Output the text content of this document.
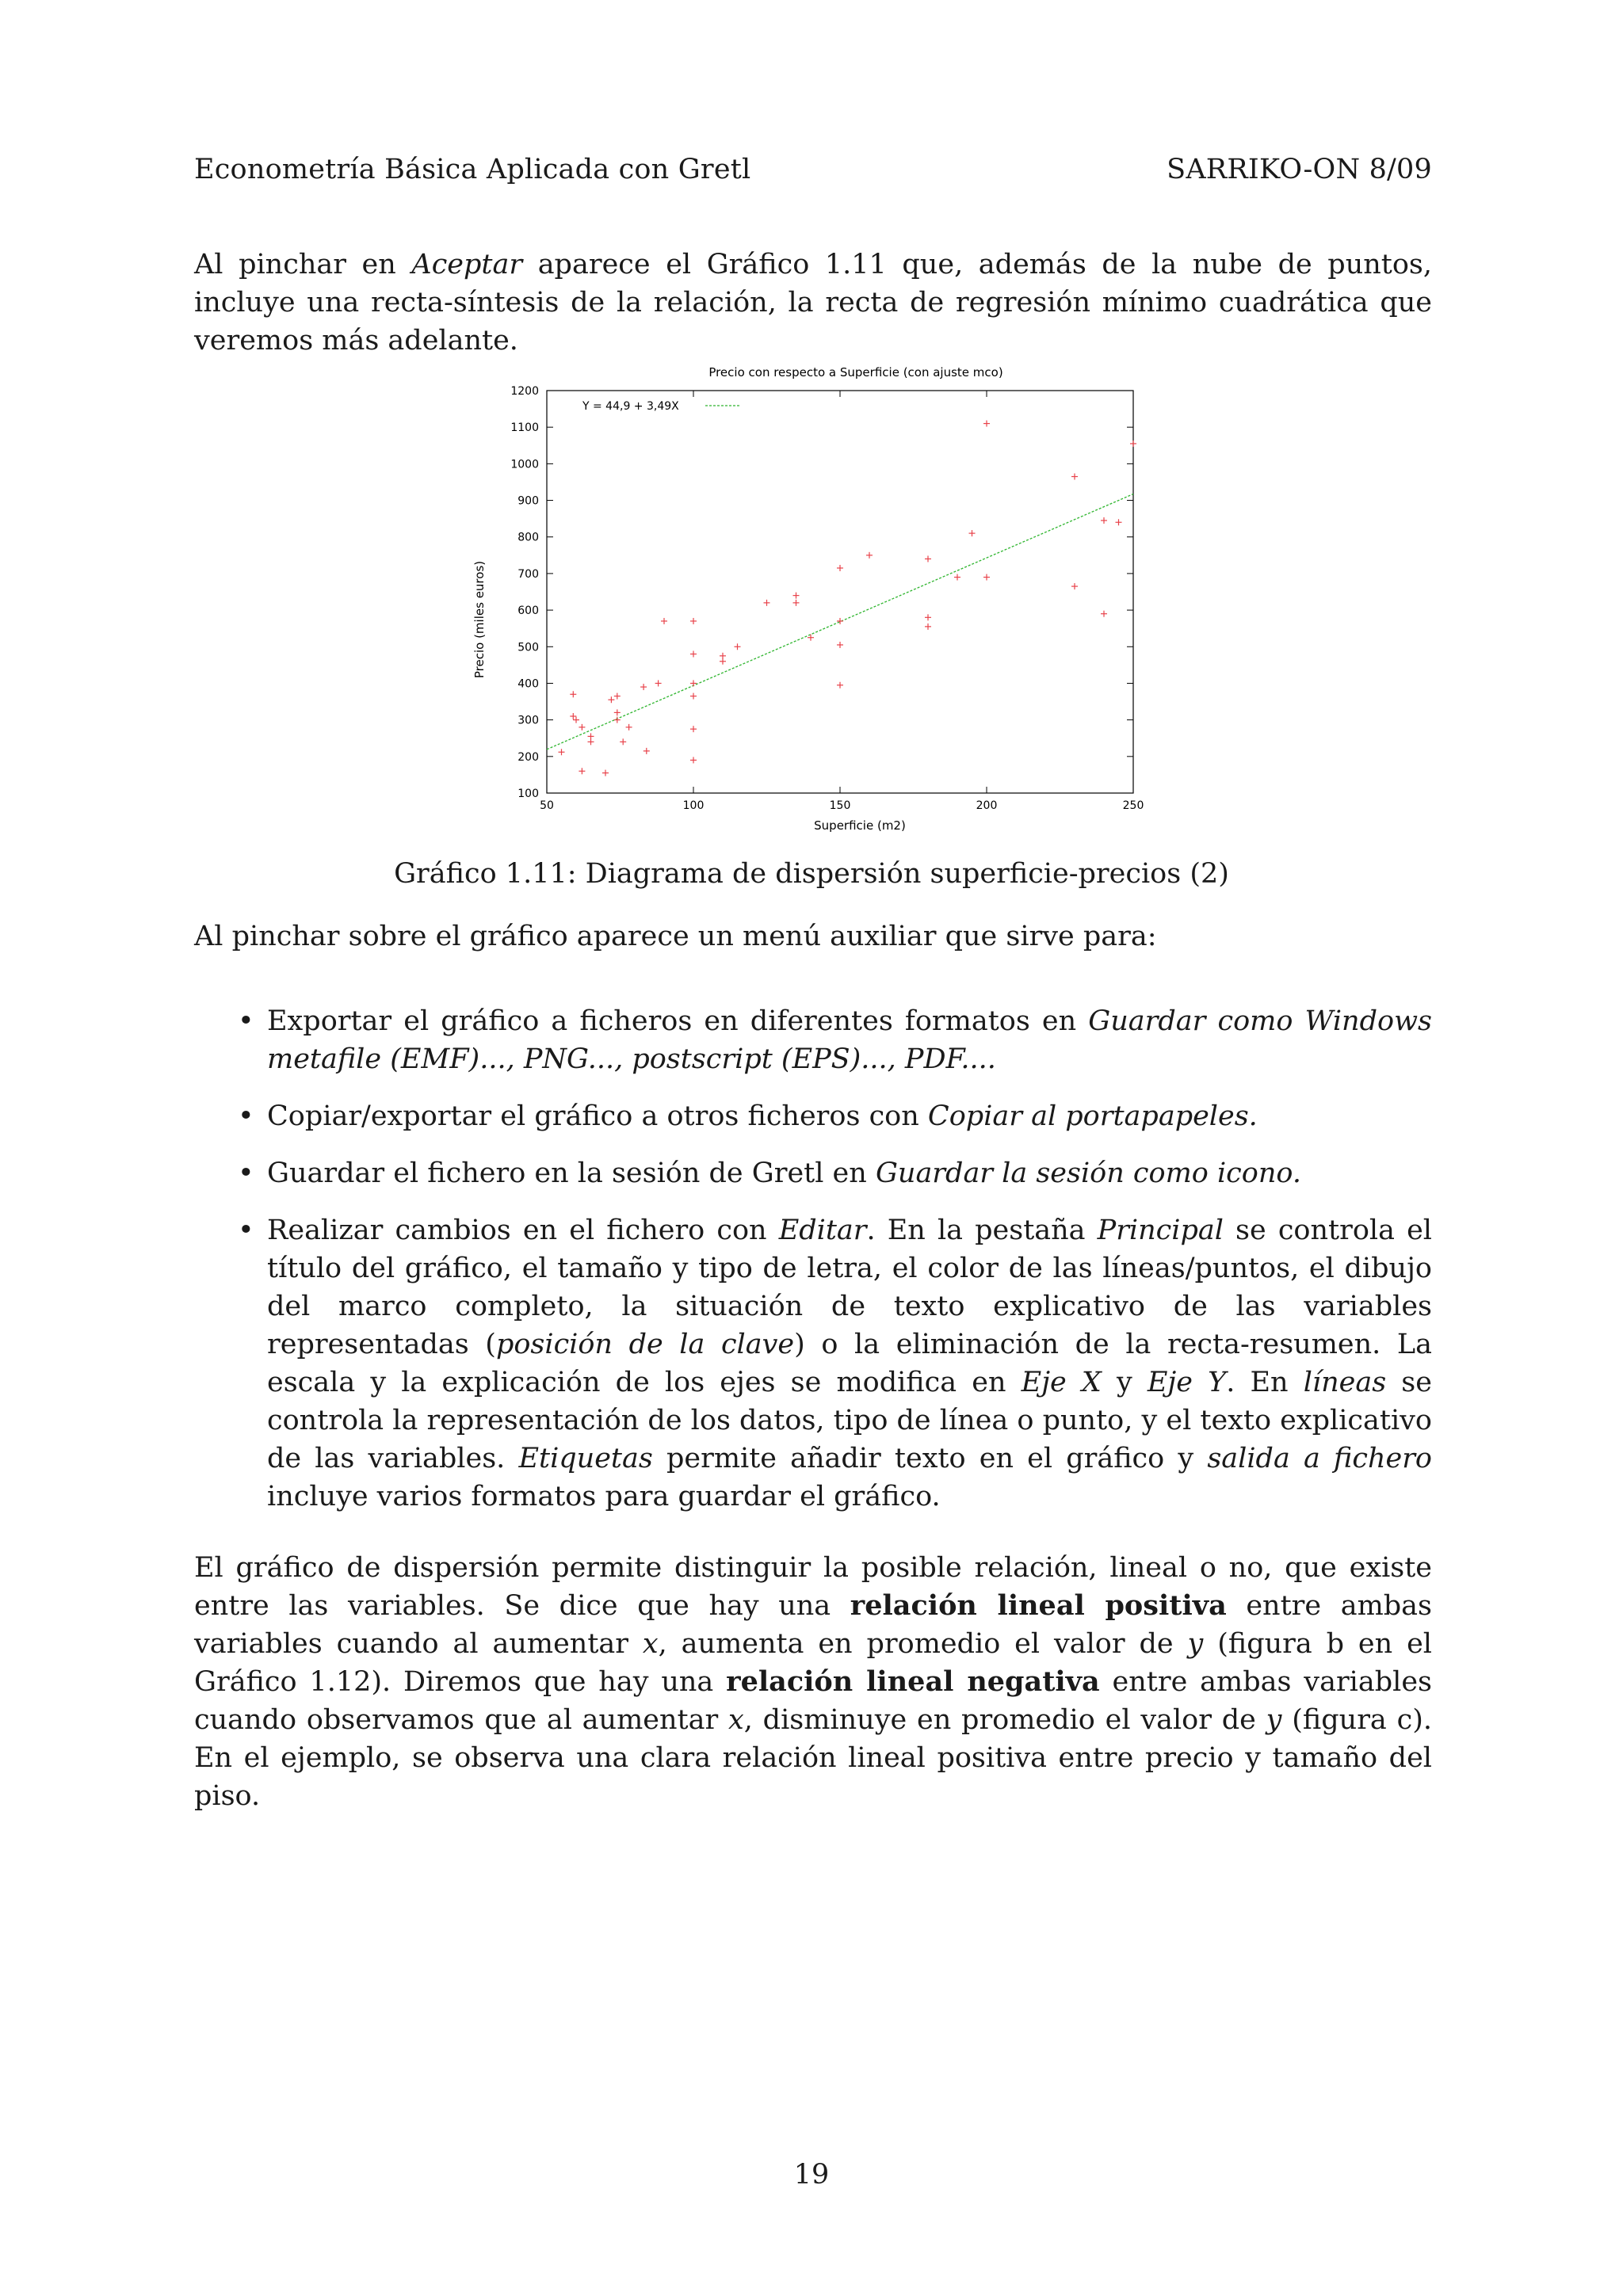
Econometría Básica Aplicada con Gretl	SARRIKO-ON 8/09

Al pinchar en Aceptar aparece el Gráfico 1.11 que, además de la nube de puntos, incluye una recta-síntesis de la relación, la recta de regresión mínimo cuadrática que veremos más adelante.

50	100	150	200	250
100
200
300
400
500
600
700
800
900
1000
1100
1200
Precio con respecto a Superficie (con ajuste mco)
Superficie (m2)
Precio (miles euros)
Y = 44,9 + 3,49X
Gráfico 1.11: Diagrama de dispersión superficie-precios (2)

Al pinchar sobre el gráfico aparece un menú auxiliar que sirve para:

• Exportar el gráfico a ficheros en diferentes formatos en Guardar como Windows metafile (EMF)..., PNG..., postscript (EPS)..., PDF....
• Copiar/exportar el gráfico a otros ficheros con Copiar al portapapeles.
• Guardar el fichero en la sesión de Gretl en Guardar la sesión como icono.
• Realizar cambios en el fichero con Editar. En la pestaña Principal se controla el título del gráfico, el tamaño y tipo de letra, el color de las líneas/puntos, el dibujo del marco completo, la situación de texto explicativo de las variables representadas (posición de la clave) o la eliminación de la recta-resumen. La escala y la explicación de los ejes se modifica en Eje X y Eje Y. En líneas se controla la representación de los datos, tipo de línea o punto, y el texto explicativo de las variables. Etiquetas permite añadir texto en el gráfico y salida a fichero incluye varios formatos para guardar el gráfico.

El gráfico de dispersión permite distinguir la posible relación, lineal o no, que existe entre las variables. Se dice que hay una relación lineal positiva entre ambas variables cuando al aumentar x, aumenta en promedio el valor de y (figura b en el Gráfico 1.12). Diremos que hay una relación lineal negativa entre ambas variables cuando observamos que al aumentar x, disminuye en promedio el valor de y (figura c). En el ejemplo, se observa una clara relación lineal positiva entre precio y tamaño del piso.

19
